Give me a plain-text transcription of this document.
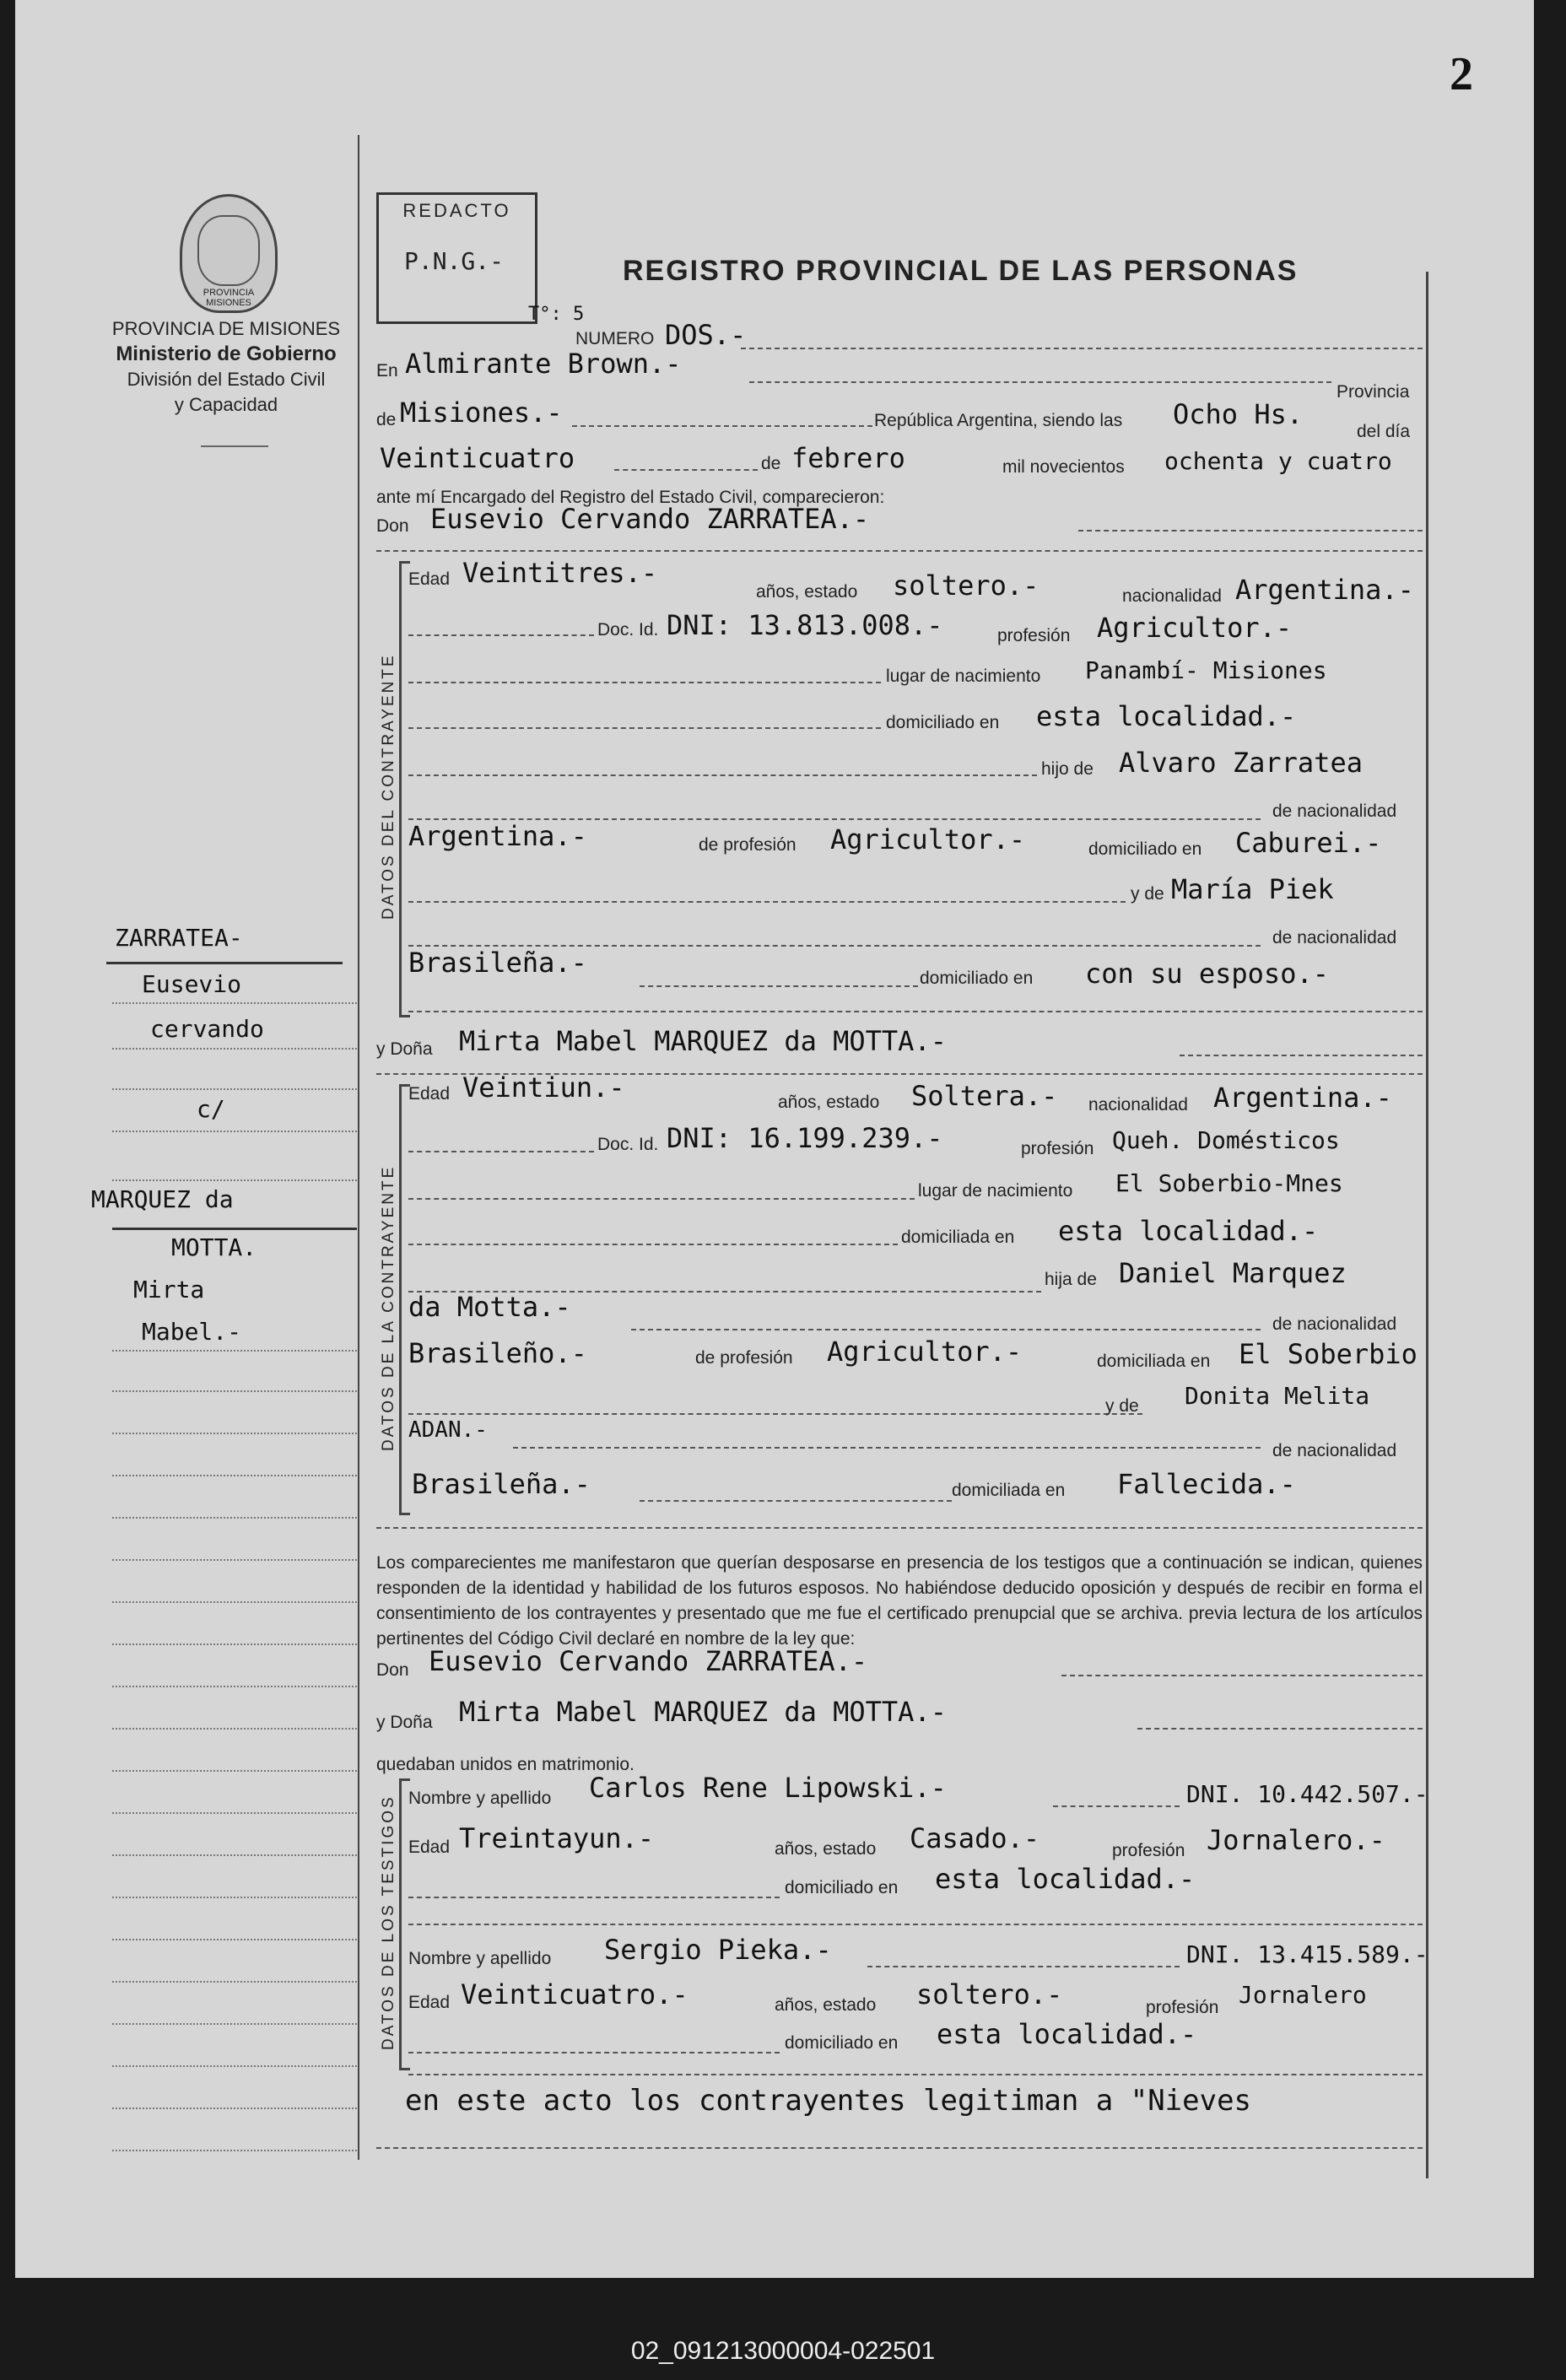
2
PROVINCIA MISIONES
PROVINCIA DE MISIONES
Ministerio de Gobierno
División del Estado Civil
y Capacidad
ZARRATEA-
Eusevio
cervando
c/
MARQUEZ da
MOTTA.
Mirta
Mabel.-
REDACTO
P.N.G.-	REGISTRO PROVINCIAL DE LAS PERSONAS
T°: 5
NUMERO DOS.-
En Almirante Brown.-
Provincia
de Misiones.-	República Argentina, siendo las Ocho Hs.
del día
Veinticuatro	de febrero	mil novecientos ochenta y cuatro
ante mí Encargado del Registro del Estado Civil, comparecieron:
Don Eusevio Cervando ZARRATEA.-
DATOS DEL CONTRAYENTE
Edad Veintitres.-
años, estado soltero.-	nacionalidad Argentina.-
Doc. Id. DNI: 13.813.008.-	profesión Agricultor.-
lugar de nacimiento Panambí- Misiones
domiciliado en esta localidad.-
hijo de Alvaro Zarratea
de nacionalidad
Argentina.-	de profesión Agricultor.-	domiciliado en Caburei.-
y de María Piek
de nacionalidad
Brasileña.-	domiciliado en con su esposo.-
y Doña Mirta Mabel MARQUEZ da MOTTA.-
DATOS DE LA CONTRAYENTE
Edad Veintiun.-	años, estado Soltera.- nacionalidad Argentina.-
Doc. Id. DNI: 16.199.239.-	profesión Queh. Domésticos
lugar de nacimiento El Soberbio-Mnes
domiciliada en esta localidad.-
hija de Daniel Marquez
da Motta.-
de nacionalidad
Brasileño.-	de profesión Agricultor.-	domiciliada en El Soberbio
y de Donita Melita
ADAN.-
de nacionalidad
Brasileña.-	domiciliada en Fallecida.-
Los comparecientes me manifestaron que querían desposarse en presencia de los testigos que a continuación se indican, quienes responden de la identidad y habilidad de los futuros esposos. No habiéndose deducido oposición y después de recibir en forma el consentimiento de los contrayentes y presentado que me fue el certificado prenupcial que se archiva. previa lectura de los artículos pertinentes del Código Civil declaré en nombre de la ley que:
Don Eusevio Cervando ZARRATEA.-
y Doña Mirta Mabel MARQUEZ da MOTTA.-
quedaban unidos en matrimonio.
DATOS DE LOS TESTIGOS Nombre y apellido Carlos Rene Lipowski.-	DNI. 10.442.507.-
Edad Treintayun.-	años, estado Casado.-	profesión Jornalero.-
domiciliado en esta localidad.-
Nombre y apellido Sergio Pieka.-	DNI. 13.415.589.-
Edad Veinticuatro.-	años, estado soltero.-	profesión Jornalero
domiciliado en esta localidad.-
en este acto los contrayentes legitiman a "Nieves
02_091213000004-022501
